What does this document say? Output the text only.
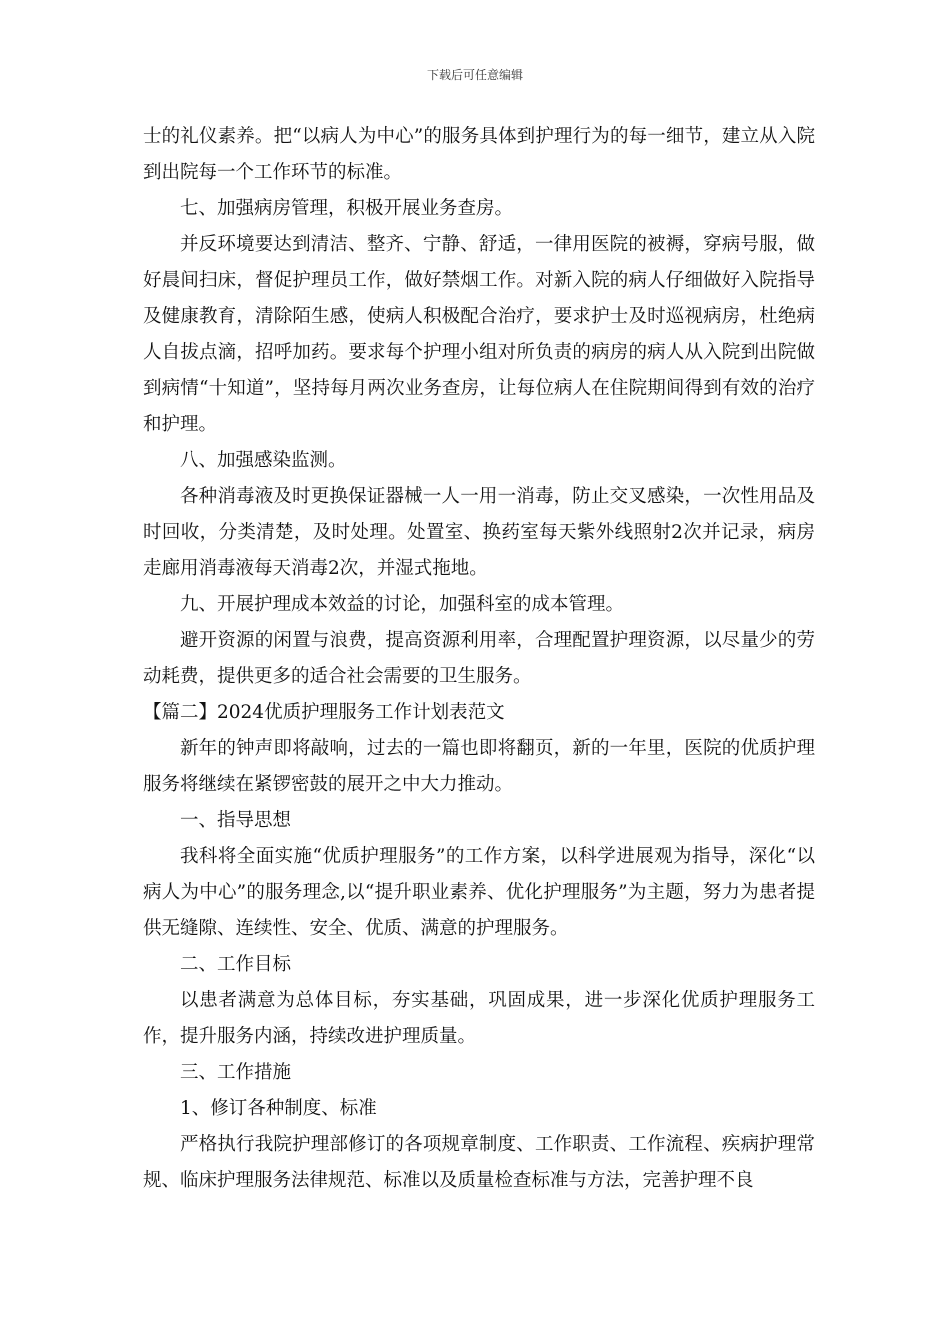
下载后可任意编辑

士的礼仪素养。把“以病人为中心”的服务具体到护理行为的每一细节，建立从入院到出院每一个工作环节的标准。

七、加强病房管理，积极开展业务查房。

并反环境要达到清洁、整齐、宁静、舒适，一律用医院的被褥，穿病号服，做好晨间扫床，督促护理员工作，做好禁烟工作。对新入院的病人仔细做好入院指导及健康教育，清除陌生感，使病人积极配合治疗，要求护士及时巡视病房，杜绝病人自拔点滴，招呼加药。要求每个护理小组对所负责的病房的病人从入院到出院做到病情“十知道”，坚持每月两次业务查房，让每位病人在住院期间得到有效的治疗和护理。

八、加强感染监测。

各种消毒液及时更换保证器械一人一用一消毒，防止交叉感染，一次性用品及时回收，分类清楚，及时处理。处置室、换药室每天紫外线照射2次并记录，病房走廊用消毒液每天消毒2次，并湿式拖地。

九、开展护理成本效益的讨论，加强科室的成本管理。

避开资源的闲置与浪费，提高资源利用率，合理配置护理资源，以尽量少的劳动耗费，提供更多的适合社会需要的卫生服务。

【篇二】2024优质护理服务工作计划表范文

新年的钟声即将敲响，过去的一篇也即将翻页，新的一年里，医院的优质护理服务将继续在紧锣密鼓的展开之中大力推动。

一、指导思想

我科将全面实施“优质护理服务”的工作方案，以科学进展观为指导，深化“以病人为中心”的服务理念,以“提升职业素养、优化护理服务”为主题，努力为患者提供无缝隙、连续性、安全、优质、满意的护理服务。

二、工作目标

以患者满意为总体目标，夯实基础，巩固成果，进一步深化优质护理服务工作，提升服务内涵，持续改进护理质量。

三、工作措施

1、修订各种制度、标准

严格执行我院护理部修订的各项规章制度、工作职责、工作流程、疾病护理常规、临床护理服务法律规范、标准以及质量检查标准与方法，完善护理不良
